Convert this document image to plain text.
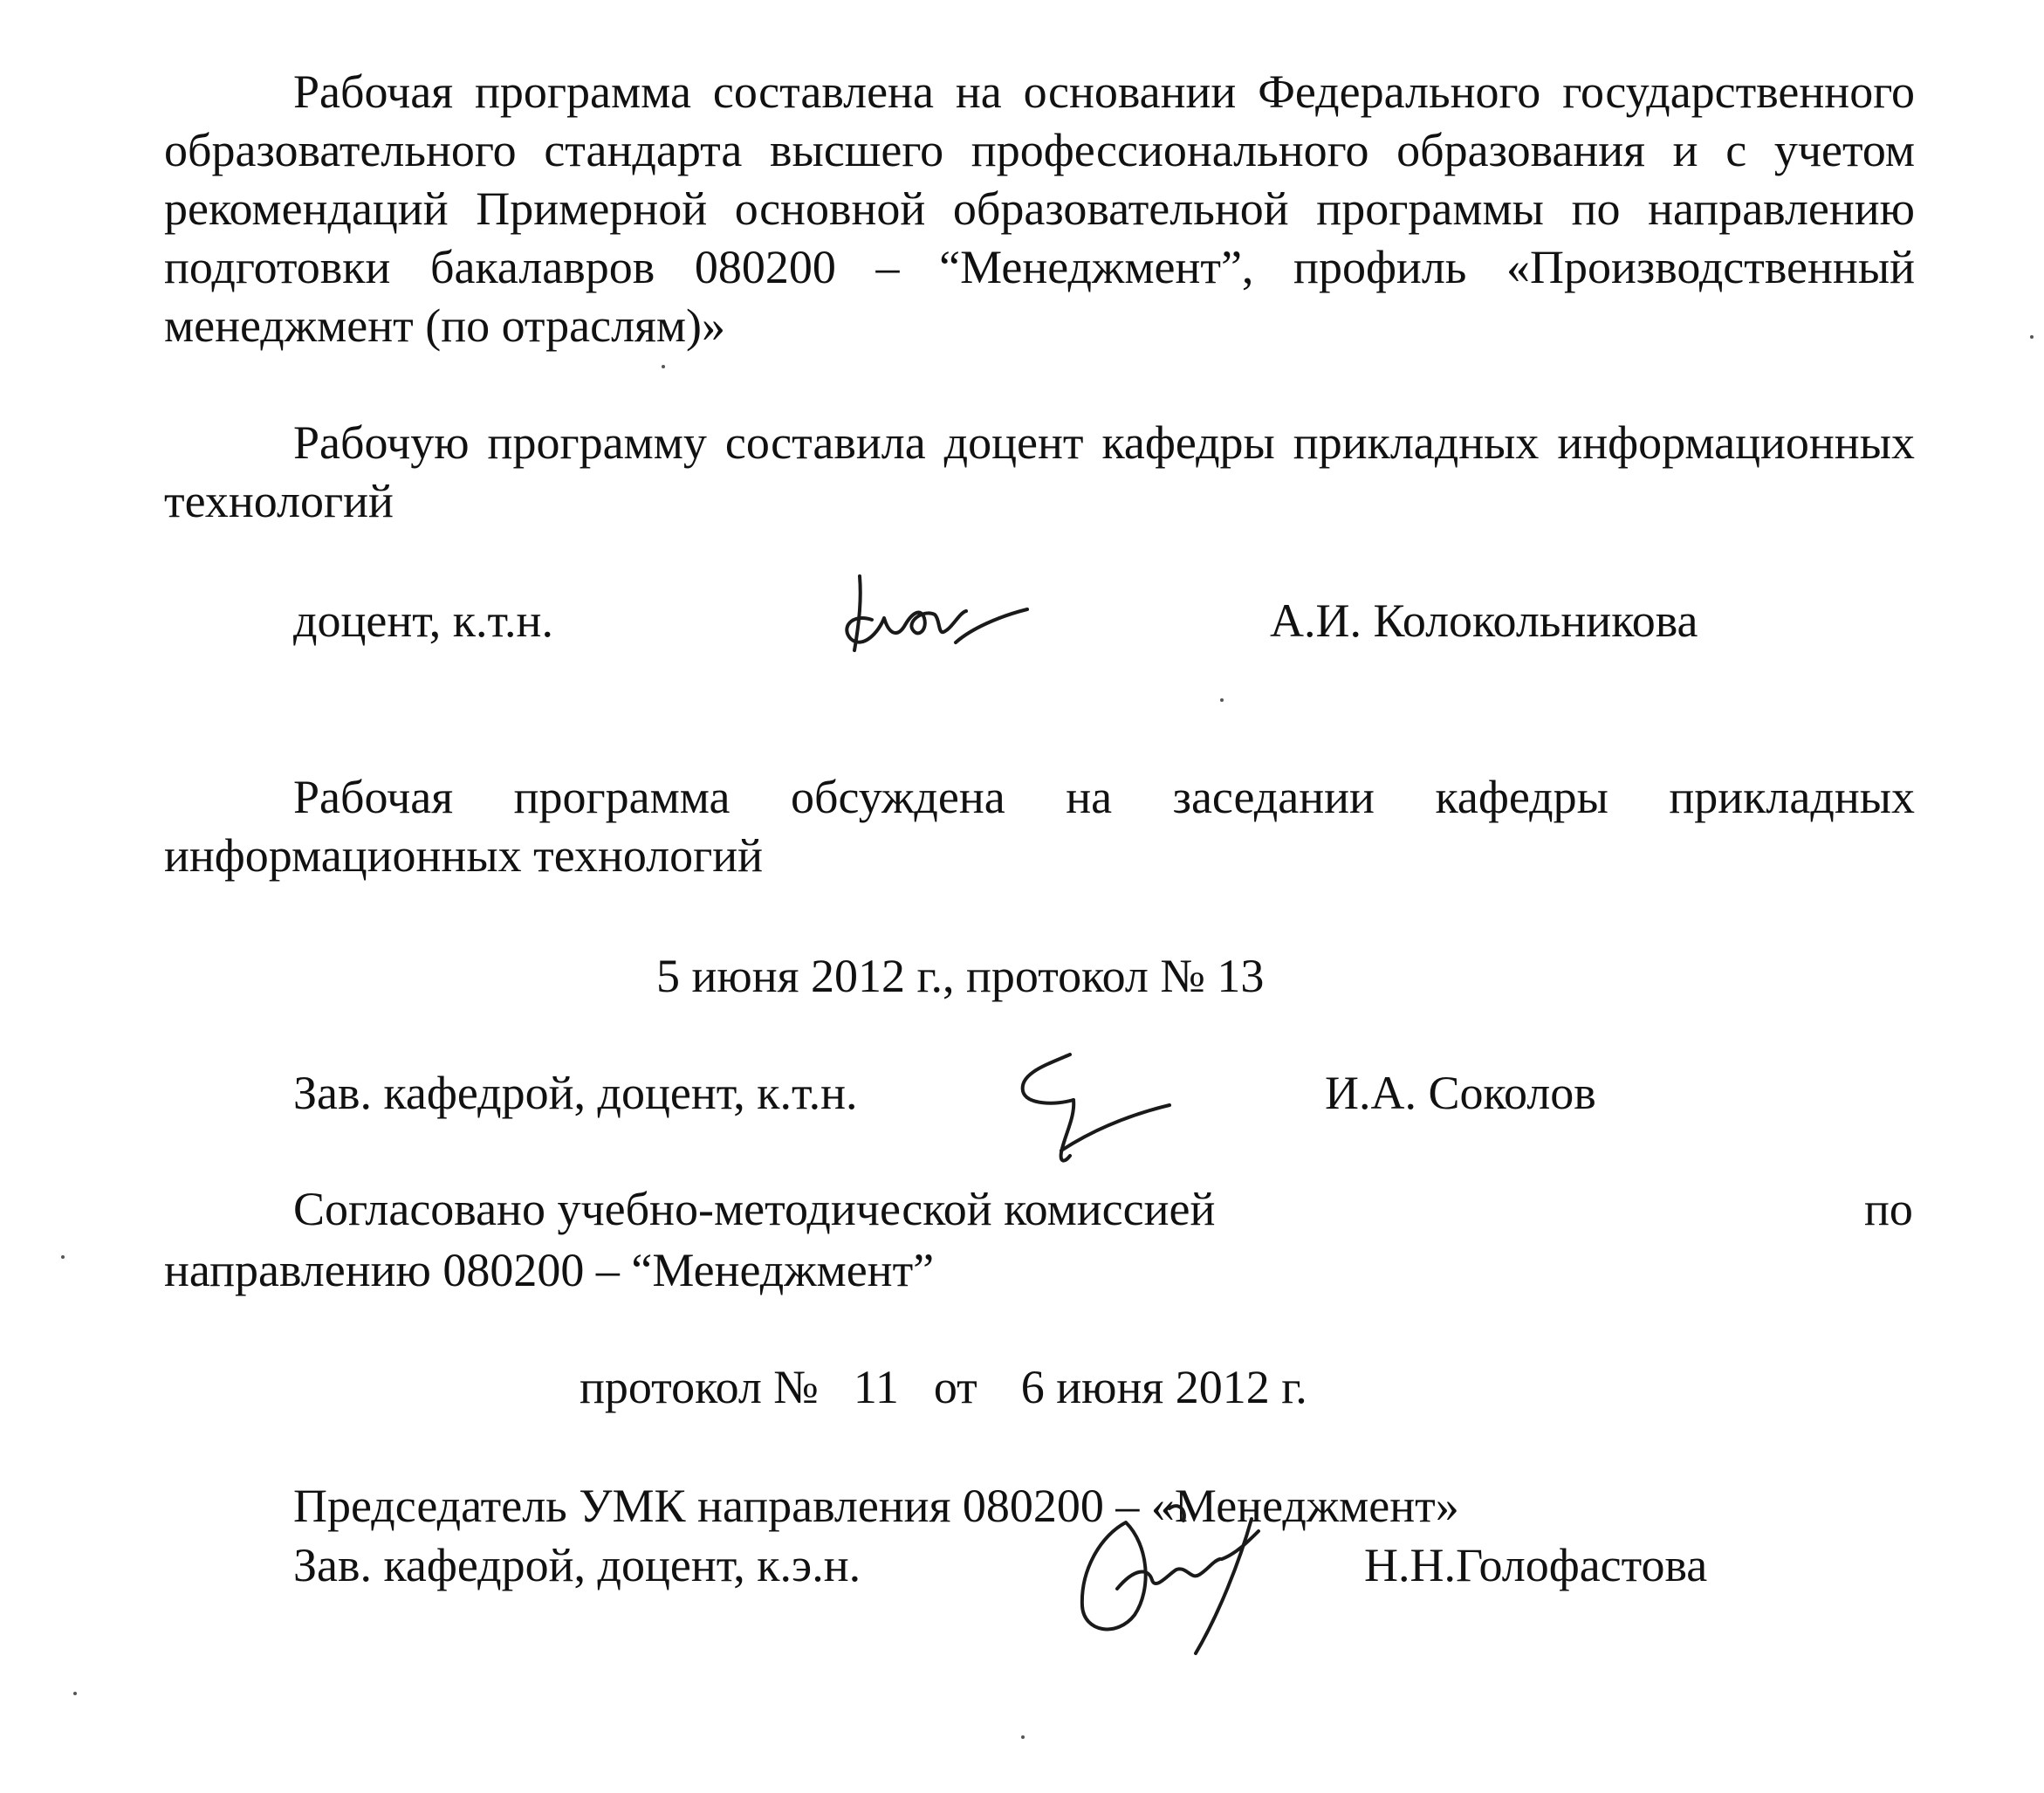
Рабочая программа составлена на основании Федерального государственного образовательного стандарта высшего профессионального образования и с учетом рекомендаций Примерной основной образовательной программы по направлению подготовки бакалавров 080200 – “Менеджмент”, профиль «Производственный менеджмент (по отраслям)»

Рабочую программу составила доцент кафедры прикладных информационных технологий

доцент, к.т.н.	А.И. Колокольникова

Рабочая программа обсуждена на заседании кафедры прикладных информационных технологий

5 июня 2012 г., протокол № 13

Зав. кафедрой, доцент, к.т.н.	И.А. Соколов

Согласовано учебно-методической комиссией	по

направлению 080200 – “Менеджмент”

протокол № 11 от 6 июня 2012 г.

Председатель УМК направления 080200 – «Менеджмент»

Зав. кафедрой, доцент, к.э.н.	Н.Н.Голофастова
